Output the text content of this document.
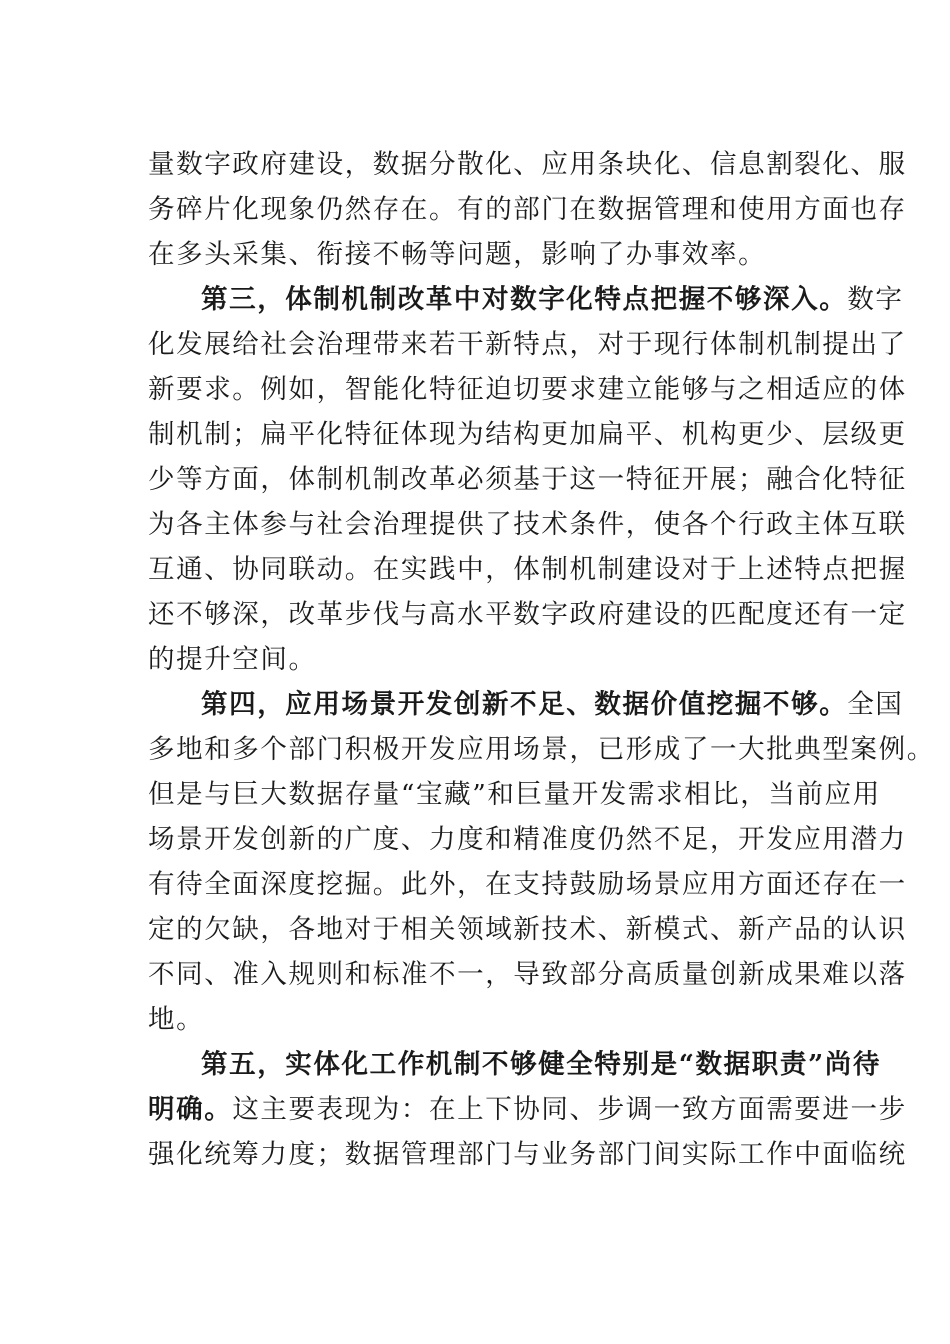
量数字政府建设，数据分散化、应用条块化、信息割裂化、服
务碎片化现象仍然存在。有的部门在数据管理和使用方面也存
在多头采集、衔接不畅等问题，影响了办事效率。
第三，体制机制改革中对数字化特点把握不够深入。数字
化发展给社会治理带来若干新特点，对于现行体制机制提出了
新要求。例如，智能化特征迫切要求建立能够与之相适应的体
制机制；扁平化特征体现为结构更加扁平、机构更少、层级更
少等方面，体制机制改革必须基于这一特征开展；融合化特征
为各主体参与社会治理提供了技术条件，使各个行政主体互联
互通、协同联动。在实践中，体制机制建设对于上述特点把握
还不够深，改革步伐与高水平数字政府建设的匹配度还有一定
的提升空间。
第四，应用场景开发创新不足、数据价值挖掘不够。全国
多地和多个部门积极开发应用场景，已形成了一大批典型案例。
但是与巨大数据存量“宝藏”和巨量开发需求相比，当前应用
场景开发创新的广度、力度和精准度仍然不足，开发应用潜力
有待全面深度挖掘。此外，在支持鼓励场景应用方面还存在一
定的欠缺，各地对于相关领域新技术、新模式、新产品的认识
不同、准入规则和标准不一，导致部分高质量创新成果难以落
地。
第五，实体化工作机制不够健全特别是“数据职责”尚待
明确。这主要表现为：在上下协同、步调一致方面需要进一步
强化统筹力度；数据管理部门与业务部门间实际工作中面临统
